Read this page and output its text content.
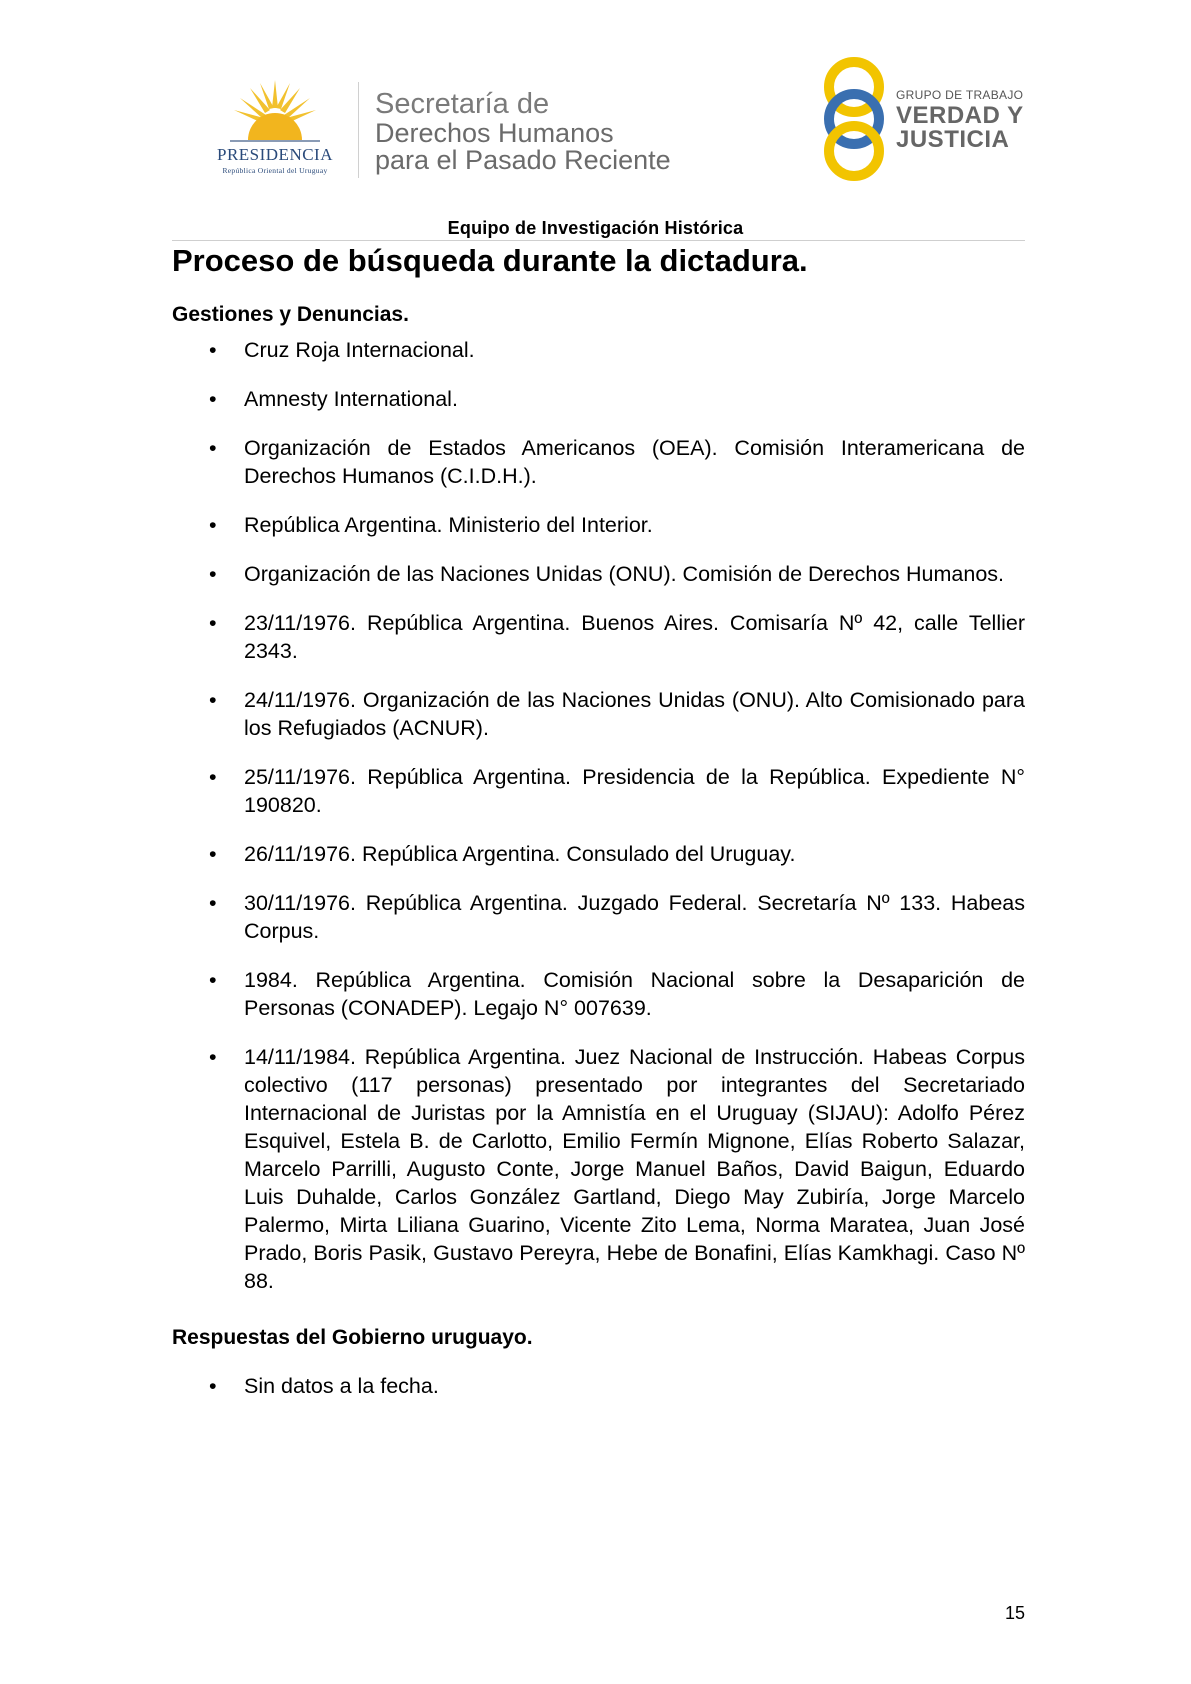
PRESIDENCIA
República Oriental del Uruguay
Secretaría de
Derechos Humanos
para el Pasado Reciente
GRUPO DE TRABAJO
VERDAD Y
JUSTICIA
Equipo de Investigación Histórica
Proceso de búsqueda durante la dictadura.
Gestiones y Denuncias.
• Cruz Roja Internacional.
• Amnesty International.
• Organización de Estados Americanos (OEA). Comisión Interamericana de Derechos Humanos (C.I.D.H.).
• República Argentina. Ministerio del Interior.
• Organización de las Naciones Unidas (ONU). Comisión de Derechos Humanos.
• 23/11/1976. República Argentina. Buenos Aires. Comisaría Nº 42, calle Tellier 2343.
• 24/11/1976. Organización de las Naciones Unidas (ONU). Alto Comisionado para los Refugiados (ACNUR).
• 25/11/1976. República Argentina. Presidencia de la República. Expediente N° 190820.
• 26/11/1976. República Argentina. Consulado del Uruguay.
• 30/11/1976. República Argentina. Juzgado Federal. Secretaría Nº 133. Habeas Corpus.
• 1984. República Argentina. Comisión Nacional sobre la Desaparición de Personas (CONADEP). Legajo N° 007639.
• 14/11/1984. República Argentina. Juez Nacional de Instrucción. Habeas Corpus colectivo (117 personas) presentado por integrantes del Secretariado Internacional de Juristas por la Amnistía en el Uruguay (SIJAU): Adolfo Pérez Esquivel, Estela B. de Carlotto, Emilio Fermín Mignone, Elías Roberto Salazar, Marcelo Parrilli, Augusto Conte, Jorge Manuel Baños, David Baigun, Eduardo Luis Duhalde, Carlos González Gartland, Diego May Zubiría, Jorge Marcelo Palermo, Mirta Liliana Guarino, Vicente Zito Lema, Norma Maratea, Juan José Prado, Boris Pasik, Gustavo Pereyra, Hebe de Bonafini, Elías Kamkhagi. Caso Nº 88.
Respuestas del Gobierno uruguayo.
• Sin datos a la fecha.
15
